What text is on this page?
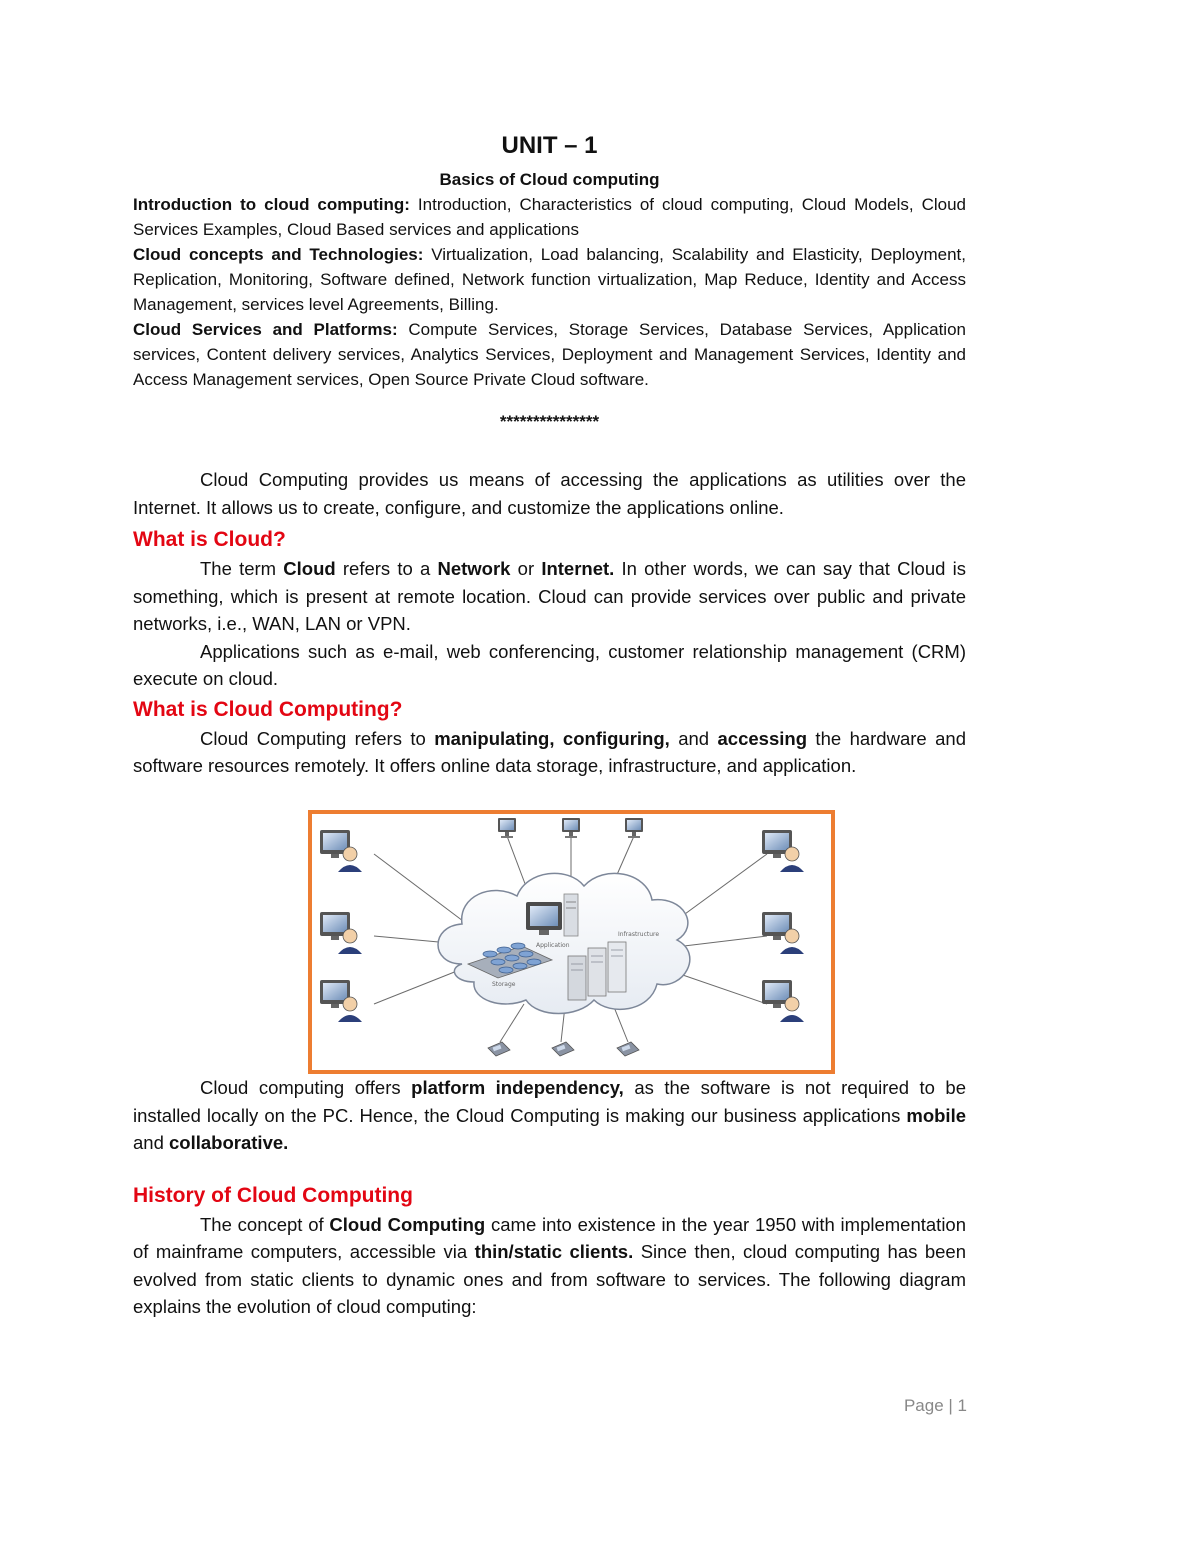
UNIT – 1
Basics of Cloud computing

Introduction to cloud computing: Introduction, Characteristics of cloud computing, Cloud Models, Cloud Services Examples, Cloud Based services and applications

Cloud concepts and Technologies: Virtualization, Load balancing, Scalability and Elasticity, Deployment, Replication, Monitoring, Software defined, Network function virtualization, Map Reduce, Identity and Access Management, services level Agreements, Billing.

Cloud Services and Platforms: Compute Services, Storage Services, Database Services, Application services, Content delivery services, Analytics Services, Deployment and Management Services, Identity and Access Management services, Open Source Private Cloud software.

***************

Cloud Computing provides us means of accessing the applications as utilities over the Internet. It allows us to create, configure, and customize the applications online.

What is Cloud?

The term Cloud refers to a Network or Internet. In other words, we can say that Cloud is something, which is present at remote location. Cloud can provide services over public and private networks, i.e., WAN, LAN or VPN.

Applications such as e-mail, web conferencing, customer relationship management (CRM) execute on cloud.

What is Cloud Computing?

Cloud Computing refers to manipulating, configuring, and accessing the hardware and software resources remotely. It offers online data storage, infrastructure, and application.

Application
Infrastructure
Storage

Cloud computing offers platform independency, as the software is not required to be installed locally on the PC. Hence, the Cloud Computing is making our business applications mobile and collaborative.

History of Cloud Computing

The concept of Cloud Computing came into existence in the year 1950 with implementation of mainframe computers, accessible via thin/static clients. Since then, cloud computing has been evolved from static clients to dynamic ones and from software to services. The following diagram explains the evolution of cloud computing:

Page | 1
